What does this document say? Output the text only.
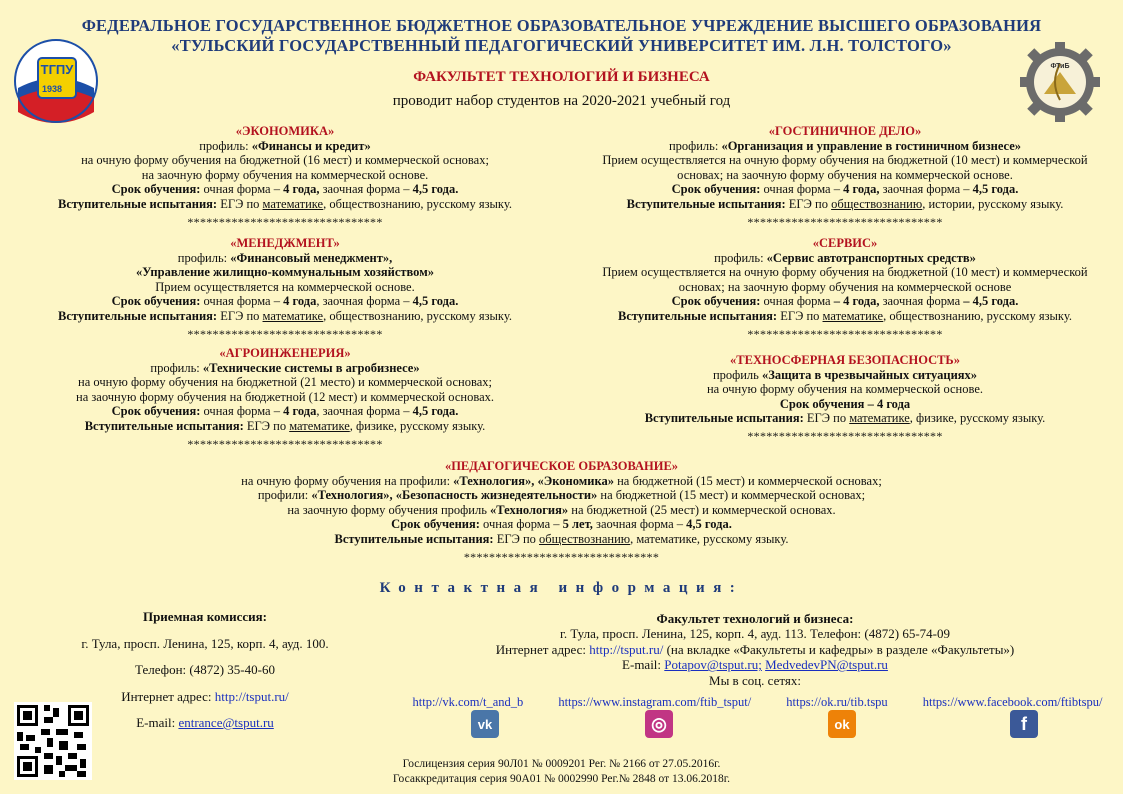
ФЕДЕРАЛЬНОЕ ГОСУДАРСТВЕННОЕ БЮДЖЕТНОЕ ОБРАЗОВАТЕЛЬНОЕ УЧРЕЖДЕНИЕ ВЫСШЕГО ОБРАЗОВАНИЯ
«ТУЛЬСКИЙ ГОСУДАРСТВЕННЫЙ ПЕДАГОГИЧЕСКИЙ УНИВЕРСИТЕТ ИМ. Л.Н. ТОЛСТОГО»
ТГПУ
1938
ФТиБ
ФАКУЛЬТЕТ ТЕХНОЛОГИЙ И БИЗНЕСА
проводит набор студентов на 2020-2021 учебный год
«ЭКОНОМИКА»
профиль: «Финансы и кредит»
на очную форму обучения на бюджетной (16 мест) и коммерческой основах;
на заочную форму обучения на коммерческой основе.
Срок обучения: очная форма – 4 года, заочная форма – 4,5 года.
Вступительные испытания: ЕГЭ по математике, обществознанию, русскому языку.
*******************************
«ГОСТИНИЧНОЕ ДЕЛО»
профиль: «Организация и управление в гостиничном бизнесе»
Прием осуществляется на очную форму обучения на бюджетной (10 мест) и коммерческой
основах; на заочную форму обучения на коммерческой основе.
Срок обучения: очная форма – 4 года, заочная форма – 4,5 года.
Вступительные испытания: ЕГЭ по обществознанию, истории, русскому языку.
*******************************
«МЕНЕДЖМЕНТ»
профиль: «Финансовый менеджмент»,
«Управление жилищно-коммунальным хозяйством»
Прием осуществляется на коммерческой основе.
Срок обучения: очная форма – 4 года, заочная форма – 4,5 года.
Вступительные испытания: ЕГЭ по математике, обществознанию, русскому языку.
*******************************
«СЕРВИС»
профиль: «Сервис автотранспортных средств»
Прием осуществляется на очную форму обучения на бюджетной (10 мест) и коммерческой
основах; на заочную форму обучения на коммерческой основе
Срок обучения: очная форма – 4 года, заочная форма – 4,5 года.
Вступительные испытания: ЕГЭ по математике, обществознанию, русскому языку.
*******************************
«АГРОИНЖЕНЕРИЯ»
профиль: «Технические системы в агробизнесе»
на очную форму обучения на бюджетной (21 место) и коммерческой основах;
на заочную форму обучения на бюджетной (12 мест) и коммерческой основах.
Срок обучения: очная форма – 4 года, заочная форма – 4,5 года.
Вступительные испытания: ЕГЭ по математике, физике, русскому языку.
*******************************
«ТЕХНОСФЕРНАЯ БЕЗОПАСНОСТЬ»
профиль «Защита в чрезвычайных ситуациях»
на очную форму обучения на коммерческой основе.
Срок обучения – 4 года
Вступительные испытания: ЕГЭ по математике, физике, русскому языку.
*******************************
«ПЕДАГОГИЧЕСКОЕ ОБРАЗОВАНИЕ»
на очную форму обучения на профили: «Технология», «Экономика» на бюджетной (15 мест) и коммерческой основах;
профили: «Технология», «Безопасность жизнедеятельности» на бюджетной (15 мест) и коммерческой основах;
на заочную форму обучения профиль «Технология» на бюджетной (25 мест) и коммерческой основах.
Срок обучения: очная форма – 5 лет, заочная форма – 4,5 года.
Вступительные испытания: ЕГЭ по обществознанию, математике, русскому языку.
*******************************
Контактная информация:
Приемная комиссия:
г. Тула, просп. Ленина, 125, корп. 4, ауд. 100.
Телефон: (4872) 35-40-60
Интернет адрес: http://tsput.ru/
E-mail: entrance@tsput.ru
Факультет технологий и бизнеса:
г. Тула, просп. Ленина, 125, корп. 4, ауд. 113. Телефон: (4872) 65-74-09
Интернет адрес: http://tsput.ru/ (на вкладке «Факультеты и кафедры» в разделе «Факультеты»)
E-mail: Potapov@tsput.ru; MedvedevPN@tsput.ru
Мы в соц. сетях:
http://vk.com/t_and_b	https://www.instagram.com/ftib_tsput/	https://ok.ru/tib.tspu	https://www.facebook.com/ftibtspu/
vk	◎	ok	f
Гослицензия серия 90Л01 № 0009201 Рег. № 2166 от 27.05.2016г.
Госаккредитация серия 90А01 № 0002990 Рег.№ 2848 от 13.06.2018г.
